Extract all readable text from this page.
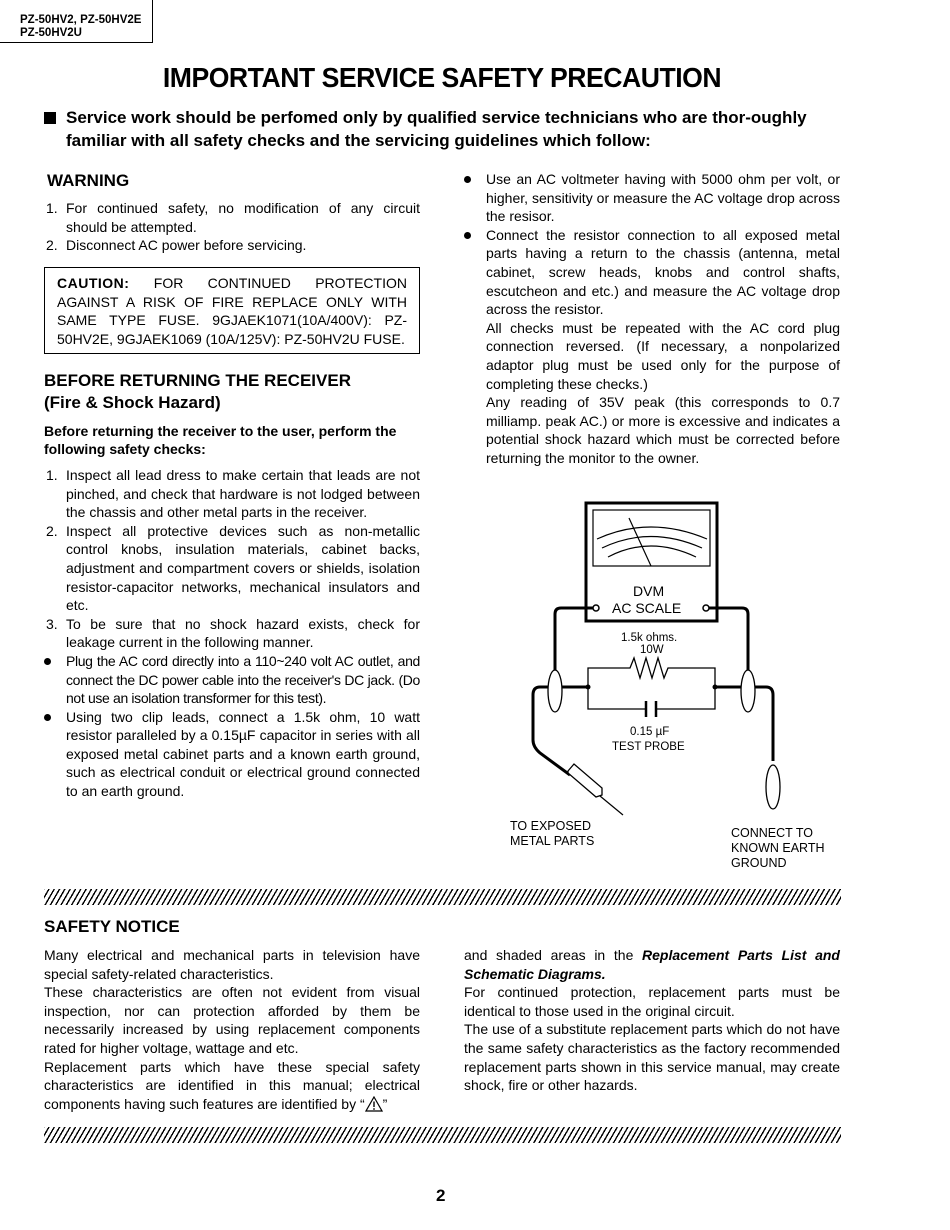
PZ-50HV2, PZ-50HV2E
PZ-50HV2U
IMPORTANT SERVICE SAFETY PRECAUTION
Service work should be perfomed only by qualified service technicians who are thor-oughly familiar with all safety checks and the servicing guidelines which follow:
WARNING
1. For continued safety, no modification of any circuit should be attempted.
2. Disconnect AC power before servicing.
CAUTION: FOR CONTINUED PROTECTION AGAINST A RISK OF FIRE REPLACE ONLY WITH SAME TYPE FUSE. 9GJAEK1071(10A/400V): PZ-50HV2E, 9GJAEK1069 (10A/125V): PZ-50HV2U FUSE.
BEFORE RETURNING THE RECEIVER
(Fire & Shock Hazard)
Before returning the receiver to the user, perform the following safety checks:
1. Inspect all lead dress to make certain that leads are not pinched, and check that hardware is not lodged between the chassis and other metal parts in the receiver.
2. Inspect all protective devices such as non-metallic control knobs, insulation materials, cabinet backs, adjustment and compartment covers or shields, isolation resistor-capacitor networks, mechanical insulators and etc.
3. To be sure that no shock hazard exists, check for leakage current in the following manner.
Plug the AC cord directly into a 110~240 volt AC outlet, and connect the DC power cable into the receiver's DC jack. (Do not use an isolation transformer for this test).
Using two clip leads, connect a 1.5k ohm, 10 watt resistor paralleled by a 0.15µF capacitor in series with all exposed metal cabinet parts and a known earth ground, such as electrical conduit or electrical ground connected to an earth ground.
Use an AC voltmeter having with 5000 ohm per volt, or higher, sensitivity or measure the AC voltage drop across the resisor.
Connect the resistor connection to all exposed metal parts having a return to the chassis (antenna, metal cabinet, screw heads, knobs and control shafts, escutcheon and etc.) and measure the AC voltage drop across the resistor.

All checks must be repeated with the AC cord plug connection reversed. (If necessary, a nonpolarized adaptor plug must be used only for the purpose of completing these checks.)

Any reading of 35V peak (this corresponds to 0.7 milliamp. peak AC.) or more is excessive and indicates a potential shock hazard which must be corrected before returning the monitor to the owner.

DVM
AC SCALE
1.5k ohms.
10W
0.15 µF
TEST PROBE
TO EXPOSED
METAL PARTS
CONNECT TO
KNOWN EARTH
GROUND
SAFETY NOTICE

Many electrical and mechanical parts in television have special safety-related characteristics.

These characteristics are often not evident from visual inspection, nor can protection afforded by them be necessarily increased by using replacement components rated for higher voltage, wattage and etc.

Replacement parts which have these special safety characteristics are identified in this manual; electrical components having such features are identified by “ ”

and shaded areas in the Replacement Parts List and Schematic Diagrams.

For continued protection, replacement parts must be identical to those used in the original circuit.

The use of a substitute replacement parts which do not have the same safety characteristics as the factory recommended replacement parts shown in this service manual, may create shock, fire or other hazards.

2
